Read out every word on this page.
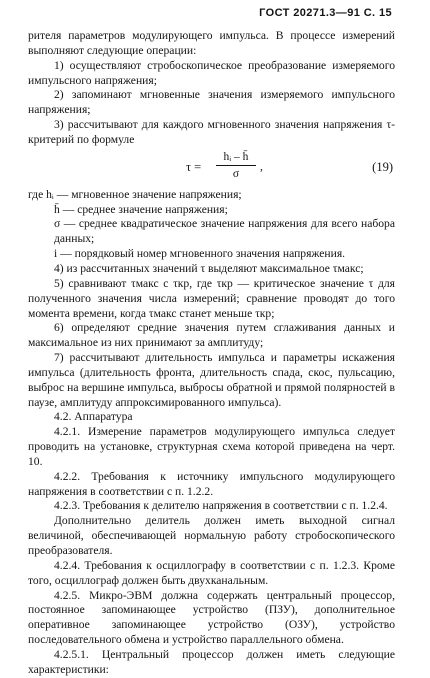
ГОСТ 20271.3—91 С. 15

рителя параметров модулирующего импульса. В процессе измерений выполняют следующие операции:

1) осуществляют стробоскопическое преобразование измеряемого импульсного напряжения;

2) запоминают мгновенные значения измеряемого импульсного напряжения;

3) рассчитывают для каждого мгновенного значения напряжения τ-критерий по формуле

$\tau = \frac{\text{hᵢ – h̄}}{\sigma}$ ,	(19)

где hᵢ — мгновенное значение напряжения;

h̄ — среднее значение напряжения;

σ — среднее квадратическое значение напряжения для всего набора данных;

i — порядковый номер мгновенного значения напряжения.

4) из рассчитанных значений τ выделяют максимальное τмакс;

5) сравнивают τмакс с τкр, где τкр — критическое значение τ для полученного значения числа измерений; сравнение проводят до того момента времени, когда τмакс станет меньше τкр;

6) определяют средние значения путем сглаживания данных и максимальное из них принимают за амплитуду;

7) рассчитывают длительность импульса и параметры искажения импульса (длительность фронта, длительность спада, скос, пульсацию, выброс на вершине импульса, выбросы обратной и прямой полярностей в паузе, амплитуду аппроксимированного импульса).

4.2. Аппаратура

4.2.1. Измерение параметров модулирующего импульса следует проводить на установке, структурная схема которой приведена на черт. 10.

4.2.2. Требования к источнику импульсного модулирующего напряжения в соответствии с п. 1.2.2.

4.2.3. Требования к делителю напряжения в соответствии с п. 1.2.4.

Дополнительно делитель должен иметь выходной сигнал величиной, обеспечивающей нормальную работу стробоскопического преобразователя.

4.2.4. Требования к осциллографу в соответствии с п. 1.2.3. Кроме того, осциллограф должен быть двухканальным.

4.2.5. Микро-ЭВМ должна содержать центральный процессор, постоянное запоминающее устройство (ПЗУ), дополнительное оперативное запоминающее устройство (ОЗУ), устройство последовательного обмена и устройство параллельного обмена.

4.2.5.1. Центральный процессор должен иметь следующие характеристики:
